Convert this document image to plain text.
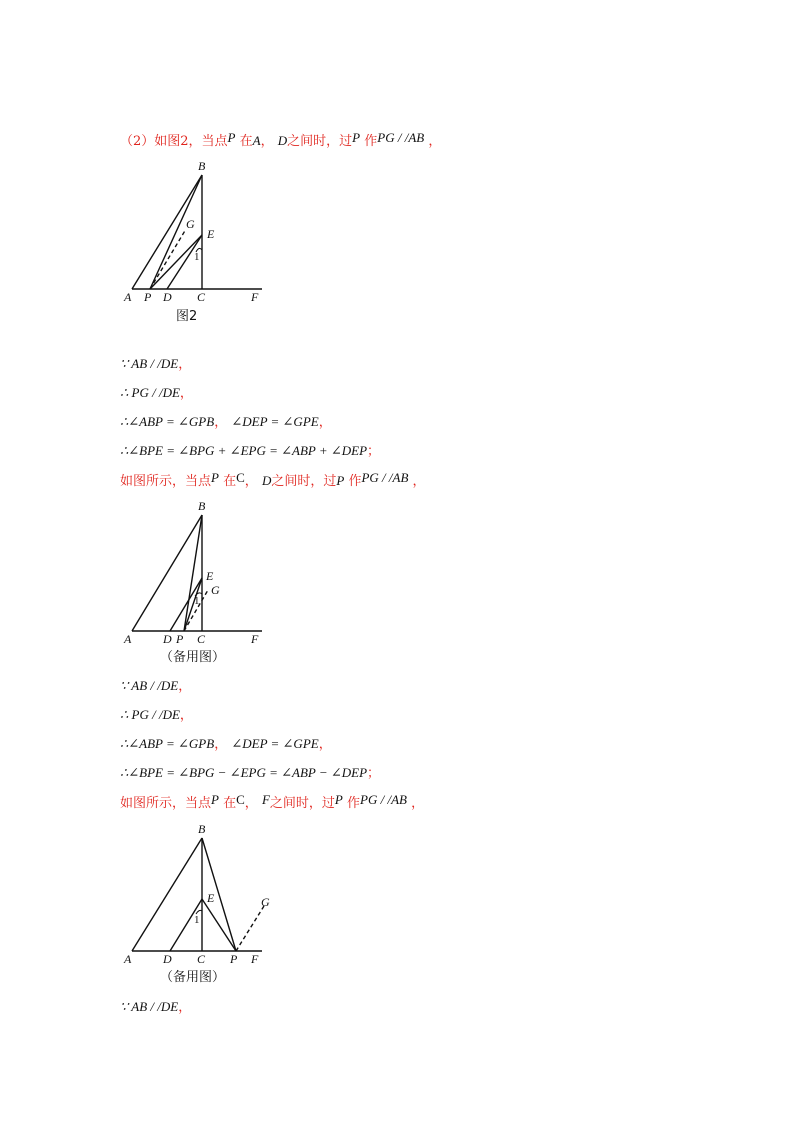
（2）如图2，当点P 在A， D之间时，过P 作PG / /AB ，
B
G
E
1
A P D C	F
图2
B
E
G
1
A	D P C	F
（备用图）
B
E	G
1
A	D C P F
（备用图）
∵ AB / /DE，
∴ PG / /DE，
∴∠ABP = ∠GPB， ∠DEP = ∠GPE，
∴∠BPE = ∠BPG + ∠EPG = ∠ABP + ∠DEP；
如图所示，当点P 在C， D之间时，过P 作PG / /AB ，
∵ AB / /DE，
∴ PG / /DE，
∴∠ABP = ∠GPB， ∠DEP = ∠GPE，
∴∠BPE = ∠BPG − ∠EPG = ∠ABP − ∠DEP；
如图所示，当点P 在C， F之间时，过P 作PG / /AB ，
∵ AB / /DE，
